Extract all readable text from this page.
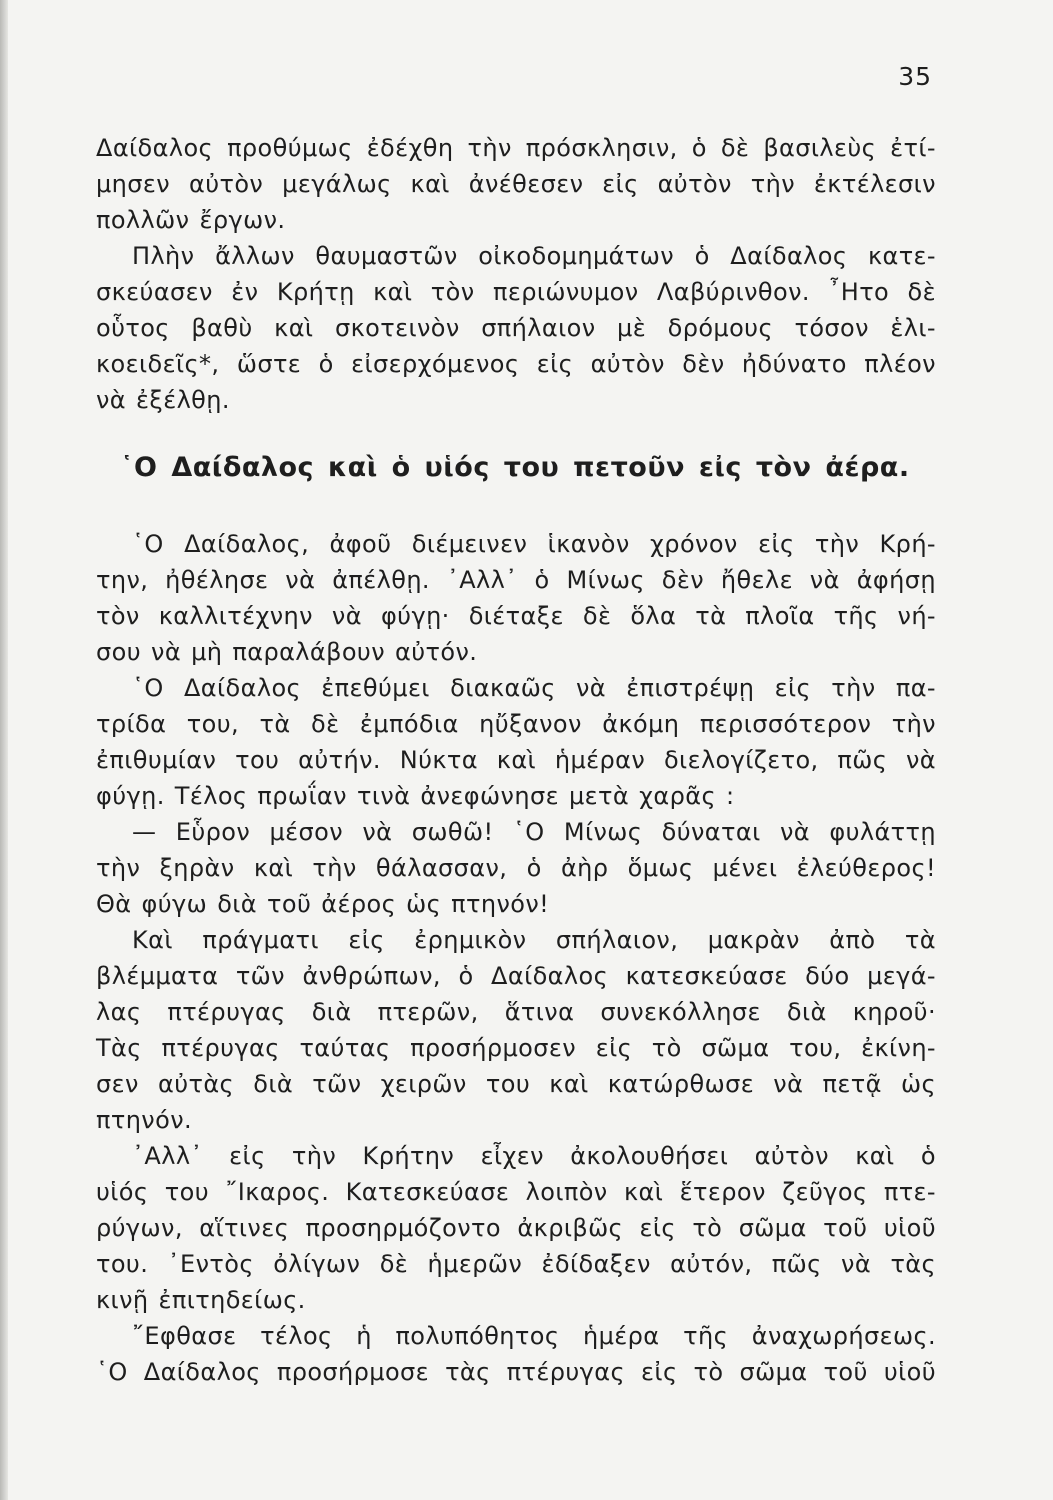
35
Δαίδαλος προθύμως ἐδέχθη τὴν πρόσκλησιν, ὁ δὲ βασιλεὺς ἐτί-
μησεν αὐτὸν μεγάλως καὶ ἀνέθεσεν εἰς αὐτὸν τὴν ἐκτέλεσιν
πολλῶν ἔργων.
Πλὴν ἄλλων θαυμαστῶν οἰκοδομημάτων ὁ Δαίδαλος κατε-
σκεύασεν ἐν Κρήτῃ καὶ τὸν περιώνυμον Λαβύρινθον. ῏Ητο δὲ
οὗτος βαθὺ καὶ σκοτεινὸν σπήλαιον μὲ δρόμους τόσον ἑλι-
κοειδεῖς*, ὥστε ὁ εἰσερχόμενος εἰς αὐτὸν δὲν ἠδύνατο πλέον
νὰ ἐξέλθῃ.
῾Ο Δαίδαλος καὶ ὁ υἱός του πετοῦν εἰς τὸν ἀέρα.
῾Ο Δαίδαλος, ἀφοῦ διέμεινεν ἱκανὸν χρόνον εἰς τὴν Κρή-
την, ἠθέλησε νὰ ἀπέλθῃ. ᾿Αλλ᾿ ὁ Μίνως δὲν ἤθελε νὰ ἀφήσῃ
τὸν καλλιτέχνην νὰ φύγῃ· διέταξε δὲ ὅλα τὰ πλοῖα τῆς νή-
σου νὰ μὴ παραλάβουν αὐτόν.
῾Ο Δαίδαλος ἐπεθύμει διακαῶς νὰ ἐπιστρέψῃ εἰς τὴν πα-
τρίδα του, τὰ δὲ ἐμπόδια ηὔξανον ἀκόμη περισσότερον τὴν
ἐπιθυμίαν του αὐτήν. Νύκτα καὶ ἡμέραν διελογίζετο, πῶς νὰ
φύγῃ. Τέλος πρωΐαν τινὰ ἀνεφώνησε μετὰ χαρᾶς :
— Εὗρον μέσον νὰ σωθῶ! ῾Ο Μίνως δύναται νὰ φυλάττῃ
τὴν ξηρὰν καὶ τὴν θάλασσαν, ὁ ἀὴρ ὅμως μένει ἐλεύθερος!
Θὰ φύγω διὰ τοῦ ἀέρος ὡς πτηνόν!
Καὶ πράγματι εἰς ἐρημικὸν σπήλαιον, μακρὰν ἀπὸ τὰ
βλέμματα τῶν ἀνθρώπων, ὁ Δαίδαλος κατεσκεύασε δύο μεγά-
λας πτέρυγας διὰ πτερῶν, ἅτινα συνεκόλλησε διὰ κηροῦ·
Τὰς πτέρυγας ταύτας προσήρμοσεν εἰς τὸ σῶμα του, ἐκίνη-
σεν αὐτὰς διὰ τῶν χειρῶν του καὶ κατώρθωσε νὰ πετᾷ ὡς
πτηνόν.
᾿Αλλ᾿ εἰς τὴν Κρήτην εἶχεν ἀκολουθήσει αὐτὸν καὶ ὁ
υἱός του ῎Ικαρος. Κατεσκεύασε λοιπὸν καὶ ἕτερον ζεῦγος πτε-
ρύγων, αἵτινες προσηρμόζοντο ἀκριβῶς εἰς τὸ σῶμα τοῦ υἱοῦ
του. ᾿Εντὸς ὀλίγων δὲ ἡμερῶν ἐδίδαξεν αὐτόν, πῶς νὰ τὰς
κινῇ ἐπιτηδείως.
῎Εφθασε τέλος ἡ πολυπόθητος ἡμέρα τῆς ἀναχωρήσεως.
῾Ο Δαίδαλος προσήρμοσε τὰς πτέρυγας εἰς τὸ σῶμα τοῦ υἱοῦ
